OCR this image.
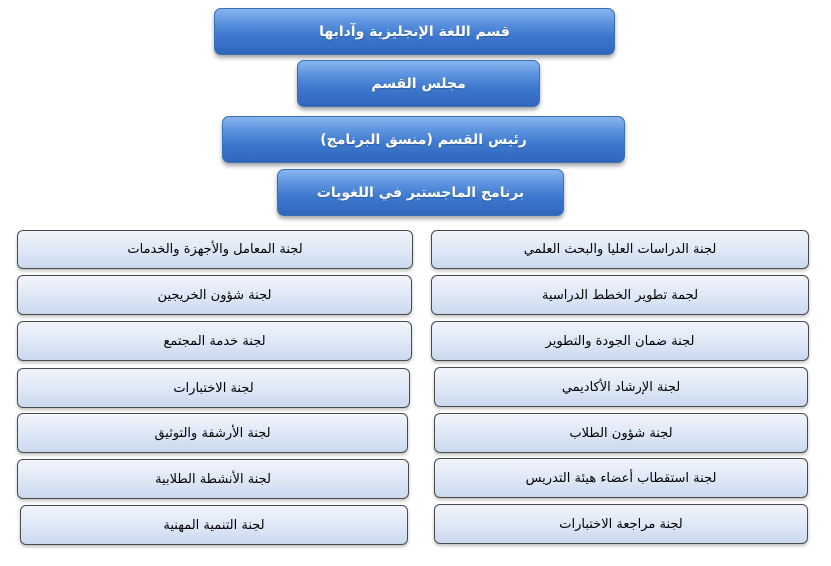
قسم اللغة الإنجليزية وآدابها
مجلس القسم
رئيس القسم (منسق البرنامج)
برنامج الماجستير في اللغويات
لجنة الدراسات العليا والبحث العلمي
لجمة تطوير الخطط الدراسية
لجنة ضمان الجودة والتطوير
لجنة الإرشاد الأكاديمي
لجنة شؤون الطلاب
لجنة استقطاب أعضاء هيئة التدريس
لجنة مراجعة الاختبارات
لجنة المعامل والأجهزة والخدمات
لجنة شؤون الخريجين
لجنة خدمة المجتمع
لجنة الاختبارات
لجنة الأرشفة والتوثيق
لجنة الأنشطة الطلابية
لجنة التنمية المهنية
